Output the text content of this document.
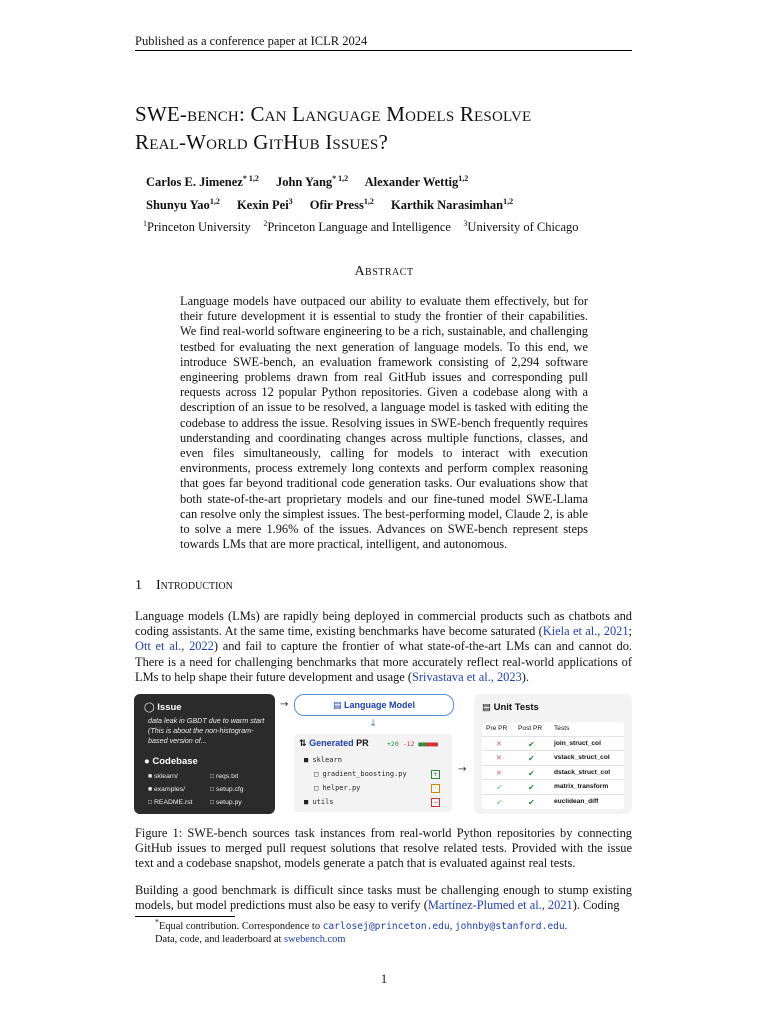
Published as a conference paper at ICLR 2024
SWE-bench: Can Language Models Resolve
Real-World GitHub Issues?
Carlos E. Jimenez$^{* 1,2}$ John Yang$^{* 1,2}$ Alexander Wettig$^{1,2}$
Shunyu Yao$^{1,2}$ Kexin Pei$^3$ Ofir Press$^{1,2}$ Karthik Narasimhan$^{1,2}$
$^1$Princeton University $^2$Princeton Language and Intelligence $^3$University of Chicago
Abstract
Language models have outpaced our ability to evaluate them effectively, but for their future development it is essential to study the frontier of their capabilities. We find real-world software engineering to be a rich, sustainable, and challenging testbed for evaluating the next generation of language models. To this end, we introduce SWE-bench, an evaluation framework consisting of 2,294 software engineering problems drawn from real GitHub issues and corresponding pull requests across 12 popular Python repositories. Given a codebase along with a description of an issue to be resolved, a language model is tasked with editing the codebase to address the issue. Resolving issues in SWE-bench frequently requires understanding and coordinating changes across multiple functions, classes, and even files simultaneously, calling for models to interact with execution environments, process extremely long contexts and perform complex reasoning that goes far beyond traditional code generation tasks. Our evaluations show that both state-of-the-art proprietary models and our fine-tuned model SWE-Llama can resolve only the simplest issues. The best-performing model, Claude 2, is able to solve a mere 1.96% of the issues. Advances on SWE-bench represent steps towards LMs that are more practical, intelligent, and autonomous.
1 Introduction
Language models (LMs) are rapidly being deployed in commercial products such as chatbots and coding assistants. At the same time, existing benchmarks have become saturated (Kiela et al., 2021; Ott et al., 2022) and fail to capture the frontier of what state-of-the-art LMs can and cannot do. There is a need for challenging benchmarks that more accurately reflect real-world applications of LMs to help shape their future development and usage (Srivastava et al., 2023).
◯ Issue
data leak in GBDT due to warm start (This is about the non-histogram-based version of...
● Codebase
■ sklearn/	□ reqs.txt
■ examples/	□ setup.cfg
□ README.rst	□ setup.py
→	▤ Language Model
↓
⇅ Generated PR	+20 -12 ■■■■■
■ sklearn
□ gradient_boosting.py
□ helper.py
■ utils
+
·
−
→
▤ Unit Tests
Pre PR Post PR Tests
✕	✔	join_struct_col
✕	✔	vstack_struct_col
✕	✔	dstack_struct_col
✔	✔	matrix_transform
✔	✔	euclidean_diff
Figure 1: SWE-bench sources task instances from real-world Python repositories by connecting GitHub issues to merged pull request solutions that resolve related tests. Provided with the issue text and a codebase snapshot, models generate a patch that is evaluated against real tests.
Building a good benchmark is difficult since tasks must be challenging enough to stump existing models, but model predictions must also be easy to verify (Martínez-Plumed et al., 2021). Coding
*Equal contribution. Correspondence to carlosej@princeton.edu, johnby@stanford.edu.
Data, code, and leaderboard at swebench.com
1
